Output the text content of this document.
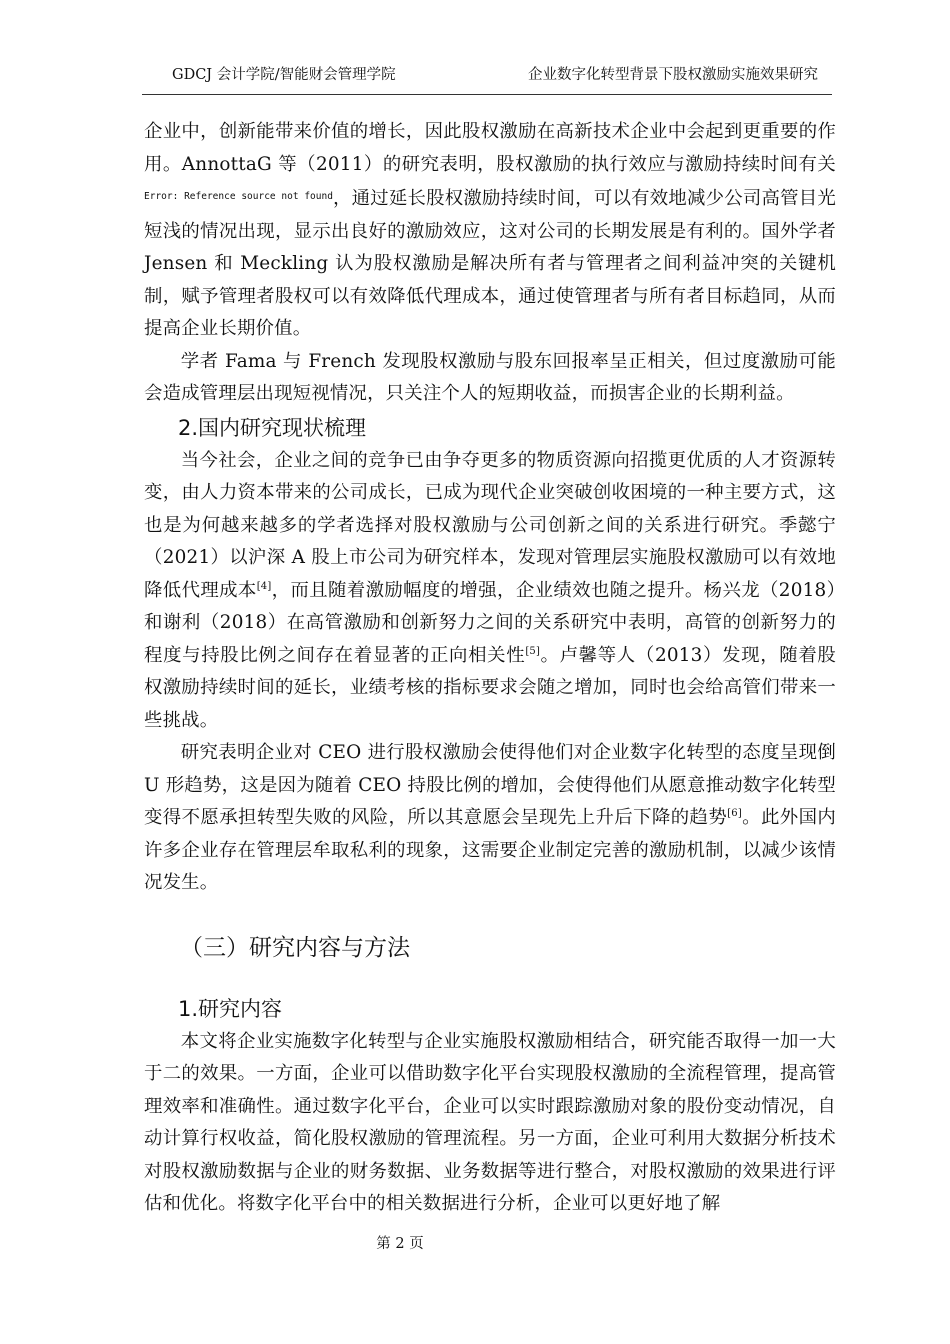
GDCJ 会计学院/智能财会管理学院	企业数字化转型背景下股权激励实施效果研究

企业中，创新能带来价值的增长，因此股权激励在高新技术企业中会起到更重要的作用。AnnottaG 等（2011）的研究表明，股权激励的执行效应与激励持续时间有关$^{Error: Reference source not found}$，通过延长股权激励持续时间，可以有效地减少公司高管目光短浅的情况出现，显示出良好的激励效应，这对公司的长期发展是有利的。国外学者 Jensen 和 Meckling 认为股权激励是解决所有者与管理者之间利益冲突的关键机制，赋予管理者股权可以有效降低代理成本，通过使管理者与所有者目标趋同，从而提高企业长期价值。

学者 Fama 与 French 发现股权激励与股东回报率呈正相关，但过度激励可能会造成管理层出现短视情况，只关注个人的短期收益，而损害企业的长期利益。

2.国内研究现状梳理

当今社会，企业之间的竞争已由争夺更多的物质资源向招揽更优质的人才资源转变，由人力资本带来的公司成长，已成为现代企业突破创收困境的一种主要方式，这也是为何越来越多的学者选择对股权激励与公司创新之间的关系进行研究。季懿宁（2021）以沪深 A 股上市公司为研究样本，发现对管理层实施股权激励可以有效地降低代理成本[4]，而且随着激励幅度的增强，企业绩效也随之提升。杨兴龙（2018）和谢利（2018）在高管激励和创新努力之间的关系研究中表明，高管的创新努力的程度与持股比例之间存在着显著的正向相关性[5]。卢馨等人（2013）发现，随着股权激励持续时间的延长，业绩考核的指标要求会随之增加，同时也会给高管们带来一些挑战。

研究表明企业对 CEO 进行股权激励会使得他们对企业数字化转型的态度呈现倒 U 形趋势，这是因为随着 CEO 持股比例的增加，会使得他们从愿意推动数字化转型变得不愿承担转型失败的风险，所以其意愿会呈现先上升后下降的趋势[6]。此外国内许多企业存在管理层牟取私利的现象，这需要企业制定完善的激励机制，以减少该情况发生。

（三）研究内容与方法
1.研究内容

本文将企业实施数字化转型与企业实施股权激励相结合，研究能否取得一加一大于二的效果。一方面，企业可以借助数字化平台实现股权激励的全流程管理，提高管理效率和准确性。通过数字化平台，企业可以实时跟踪激励对象的股份变动情况，自动计算行权收益，简化股权激励的管理流程。另一方面，企业可利用大数据分析技术对股权激励数据与企业的财务数据、业务数据等进行整合，对股权激励的效果进行评估和优化。将数字化平台中的相关数据进行分析，企业可以更好地了解

第 2 页
